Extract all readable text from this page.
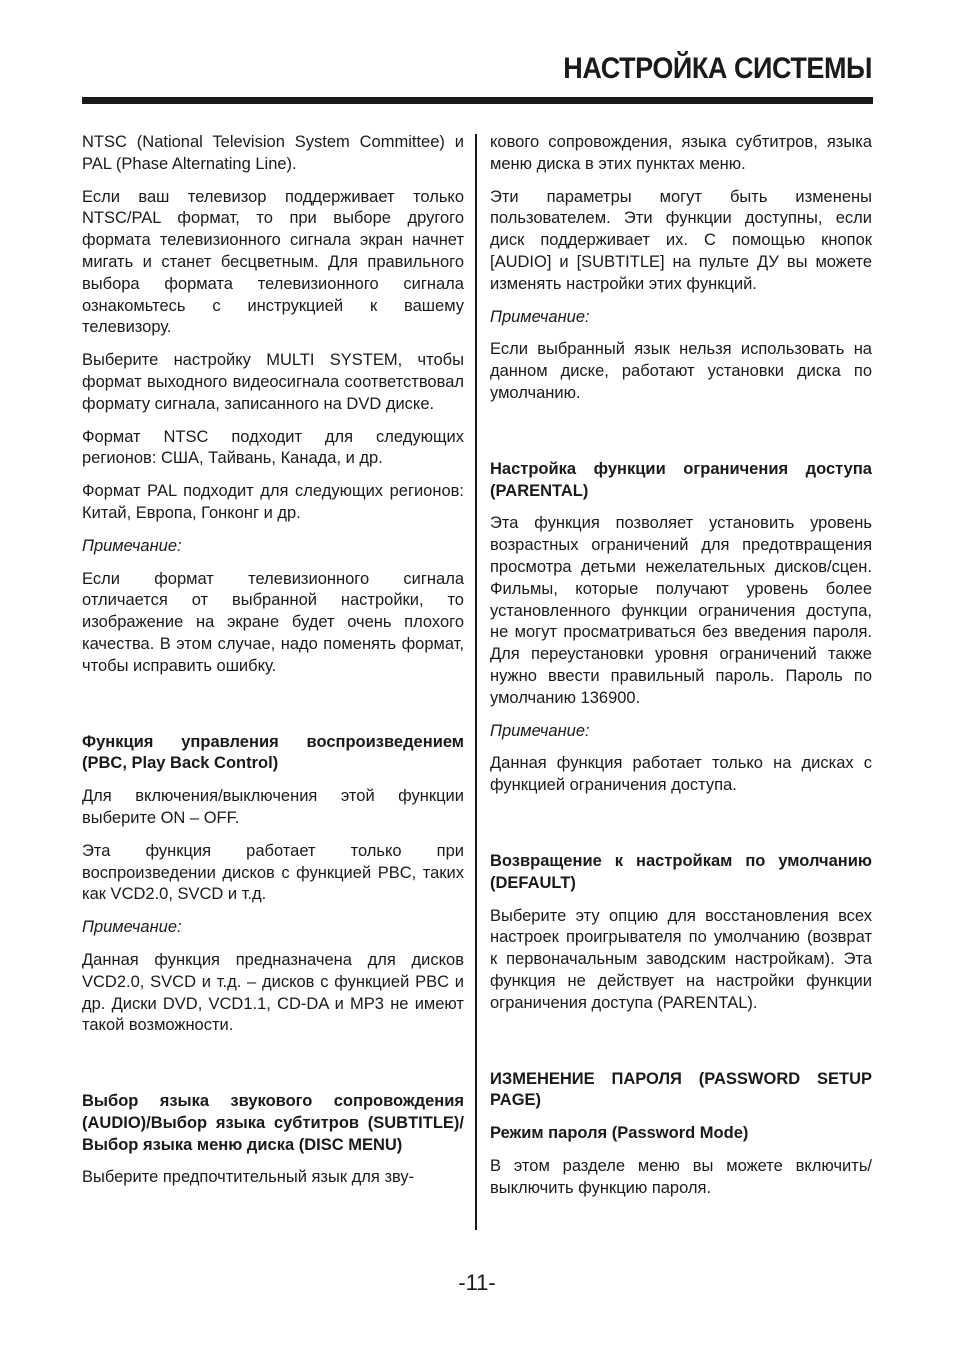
НАСТРОЙКА СИСТЕМЫ

NTSC (National Television System Committee) и PAL (Phase Alternating Line).

Если ваш телевизор поддерживает только NTSC/PAL формат, то при выборе другого формата телевизионного сигнала экран начнет мигать и станет бесцветным. Для правильного выбора формата телевизионного сигнала ознакомьтесь с инструкцией к вашему телевизору.

Выберите настройку MULTI SYSTEM, чтобы формат выходного видеосигнала соответствовал формату сигнала, записанного на DVD диске.

Формат NTSC подходит для следующих регионов: США, Тайвань, Канада, и др.

Формат PAL подходит для следующих регионов: Китай, Европа, Гонконг и др.

Примечание:

Если формат телевизионного сигнала отличается от выбранной настройки, то изображение на экране будет очень плохого качества. В этом случае, надо поменять формат, чтобы исправить ошибку.

Функция управления воспроизведением (PBC, Play Back Control)

Для включения/выключения этой функции выберите ON – OFF.

Эта функция работает только при воспроизведении дисков с функцией PBC, таких как VCD2.0, SVCD и т.д.

Примечание:

Данная функция предназначена для дисков VCD2.0, SVCD и т.д. – дисков с функцией PBC и др. Диски DVD, VCD1.1, CD-DA и MP3 не имеют такой возможности.

Выбор языка звукового сопровождения (AUDIO)/Выбор языка субтитров (SUBTITLE)/Выбор языка меню диска (DISC MENU)

Выберите предпочтительный язык для зву-

кового сопровождения, языка субтитров, языка меню диска в этих пунктах меню.

Эти параметры могут быть изменены пользователем. Эти функции доступны, если диск поддерживает их. С помощью кнопок [AUDIO] и [SUBTITLE] на пульте ДУ вы можете изменять настройки этих функций.

Примечание:

Если выбранный язык нельзя использовать на данном диске, работают установки диска по умолчанию.

Настройка функции ограничения доступа (PARENTAL)

Эта функция позволяет установить уровень возрастных ограничений для предотвращения просмотра детьми нежелательных дисков/сцен. Фильмы, которые получают уровень более установленного функции ограничения доступа, не могут просматриваться без введения пароля. Для переустановки уровня ограничений также нужно ввести правильный пароль. Пароль по умолчанию 136900.

Примечание:

Данная функция работает только на дисках с функцией ограничения доступа.

Возвращение к настройкам по умолчанию (DEFAULT)

Выберите эту опцию для восстановления всех настроек проигрывателя по умолчанию (возврат к первоначальным заводским настройкам). Эта функция не действует на настройки функции ограничения доступа (PARENTAL).

ИЗМЕНЕНИЕ ПАРОЛЯ (PASSWORD SETUP PAGE)
Режим пароля (Password Mode)

В этом разделе меню вы можете включить/выключить функцию пароля.

-11-
